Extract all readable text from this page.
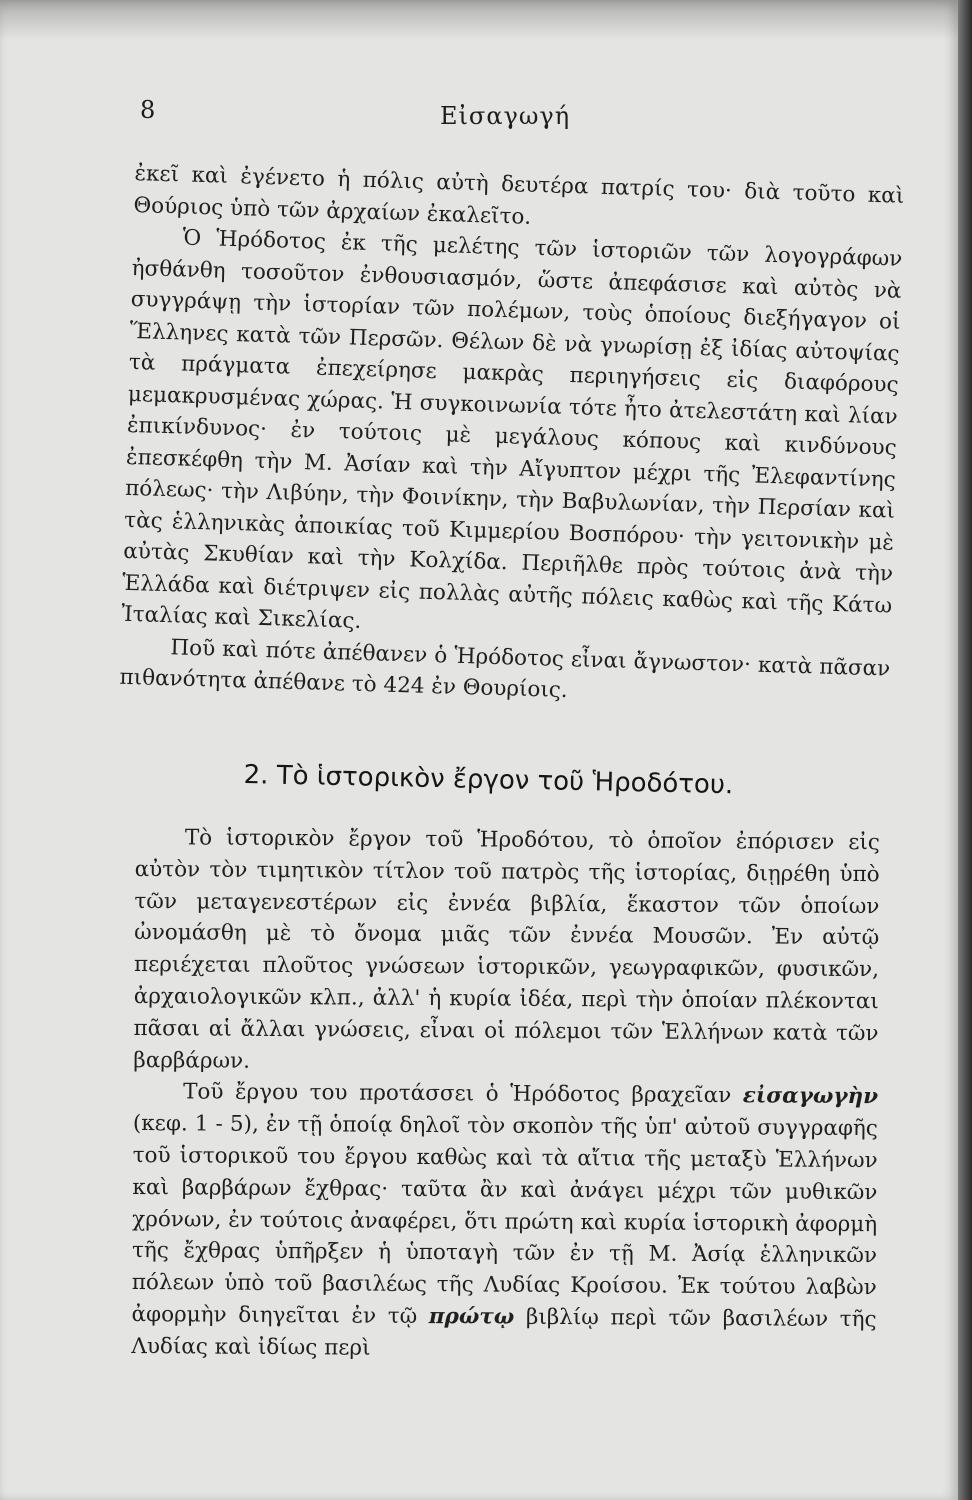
8	Εἰσαγωγή

ἐκεῖ καὶ ἐγένετο ἡ πόλις αὐτὴ δευτέρα πατρίς του· διὰ τοῦτο καὶ Θούριος ὑπὸ τῶν ἀρχαίων ἐκαλεῖτο.

Ὁ Ἡρόδοτος ἐκ τῆς μελέτης τῶν ἱστοριῶν τῶν λογογράφων ἠσθάνθη τοσοῦτον ἐνθουσιασμόν, ὥστε ἀπεφάσισε καὶ αὐτὸς νὰ συγγράψῃ τὴν ἱστορίαν τῶν πολέμων, τοὺς ὁποίους διεξήγαγον οἱ Ἕλληνες κατὰ τῶν Περσῶν. Θέλων δὲ νὰ γνωρίσῃ ἐξ ἰδίας αὐτοψίας τὰ πράγματα ἐπεχείρησε μακρὰς περιηγήσεις εἰς διαφόρους μεμακρυσμένας χώρας. Ἡ συγκοινωνία τότε ἦτο ἀτελεστάτη καὶ λίαν ἐπικίνδυνος· ἐν τούτοις μὲ μεγάλους κόπους καὶ κινδύνους ἐπεσκέφθη τὴν Μ. Ἀσίαν καὶ τὴν Αἴγυπτον μέχρι τῆς Ἐλεφαντίνης πόλεως· τὴν Λιβύην, τὴν Φοινίκην, τὴν Βαβυλωνίαν, τὴν Περσίαν καὶ τὰς ἑλληνικὰς ἀποικίας τοῦ Κιμμερίου Βοσπόρου· τὴν γειτονικὴν μὲ αὐτὰς Σκυθίαν καὶ τὴν Κολχίδα. Περιῆλθε πρὸς τούτοις ἀνὰ τὴν Ἑλλάδα καὶ διέτριψεν εἰς πολλὰς αὐτῆς πόλεις καθὼς καὶ τῆς Κάτω Ἰταλίας καὶ Σικελίας.

Ποῦ καὶ πότε ἀπέθανεν ὁ Ἡρόδοτος εἶναι ἄγνωστον· κατὰ πᾶσαν πιθανότητα ἀπέθανε τὸ 424 ἐν Θουρίοις.

2. Τὸ ἱστορικὸν ἔργον τοῦ Ἡροδότου.

Τὸ ἱστορικὸν ἔργον τοῦ Ἡροδότου, τὸ ὁποῖον ἐπόρισεν εἰς αὐτὸν τὸν τιμητικὸν τίτλον τοῦ πατρὸς τῆς ἱστορίας, διῃρέθη ὑπὸ τῶν μεταγενεστέρων εἰς ἐννέα βιβλία, ἕκαστον τῶν ὁποίων ὠνομάσθη μὲ τὸ ὄνομα μιᾶς τῶν ἐννέα Μουσῶν. Ἐν αὐτῷ περιέχεται πλοῦτος γνώσεων ἱστορικῶν, γεωγραφικῶν, φυσικῶν, ἀρχαιολογικῶν κλπ., ἀλλ' ἡ κυρία ἰδέα, περὶ τὴν ὁποίαν πλέκονται πᾶσαι αἱ ἄλλαι γνώσεις, εἶναι οἱ πόλεμοι τῶν Ἑλλήνων κατὰ τῶν βαρβάρων.

Τοῦ ἔργου του προτάσσει ὁ Ἡρόδοτος βραχεῖαν εἰσαγωγὴν (κεφ. 1 - 5), ἐν τῇ ὁποίᾳ δηλοῖ τὸν σκοπὸν τῆς ὑπ' αὐτοῦ συγγραφῆς τοῦ ἱστορικοῦ του ἔργου καθὼς καὶ τὰ αἴτια τῆς μεταξὺ Ἑλλήνων καὶ βαρβάρων ἔχθρας· ταῦτα ἂν καὶ ἀνάγει μέχρι τῶν μυθικῶν χρόνων, ἐν τούτοις ἀναφέρει, ὅτι πρώτη καὶ κυρία ἱστορικὴ ἀφορμὴ τῆς ἔχθρας ὑπῆρξεν ἡ ὑποταγὴ τῶν ἐν τῇ Μ. Ἀσίᾳ ἑλληνικῶν πόλεων ὑπὸ τοῦ βασιλέως τῆς Λυδίας Κροίσου. Ἐκ τούτου λαβὼν ἀφορμὴν διηγεῖται ἐν τῷ πρώτῳ βιβλίῳ περὶ τῶν βασιλέων τῆς Λυδίας καὶ ἰδίως περὶ
